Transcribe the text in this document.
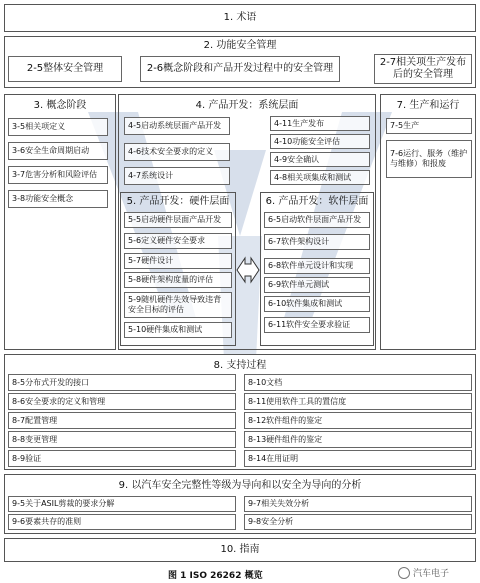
1. 术语
2. 功能安全管理
2-5整体安全管理	2-6概念阶段和产品开发过程中的安全管理
2-7相关项生产发布后的安全管理
3. 概念阶段
3-5相关项定义
3-6安全生命周期启动
3-7危害分析和风险评估
3-8功能安全概念
4. 产品开发：系统层面
4-5启动系统层面产品开发
4-6技术安全要求的定义
4-7系统设计
4-11生产发布
4-10功能安全评估
4-9安全确认
4-8相关项集成和测试
5. 产品开发：硬件层面
5-5启动硬件层面产品开发
5-6定义硬件安全要求
5-7硬件设计
5-8硬件架构度量的评估
5-9随机硬件失效导致违背安全目标的评估
5-10硬件集成和测试
6. 产品开发：软件层面
6-5启动软件层面产品开发
6-7软件架构设计
6-8软件单元设计和实现
6-9软件单元测试
6-10软件集成和测试
6-11软件安全要求验证
7. 生产和运行
7-5生产
7-6运行、服务（维护与维修）和报废
8. 支持过程
8-5分布式开发的接口
8-6安全要求的定义和管理
8-7配置管理
8-8变更管理
8-9验证
8-10文档
8-11使用软件工具的置信度
8-12软件组件的鉴定
8-13硬件组件的鉴定
8-14在用证明
9. 以汽车安全完整性等级为导向和以安全为导向的分析
9-5关于ASIL剪裁的要求分解
9-6要素共存的准则
9-7相关失效分析
9-8安全分析
10. 指南
图 1 ISO 26262 概览	汽车电子
